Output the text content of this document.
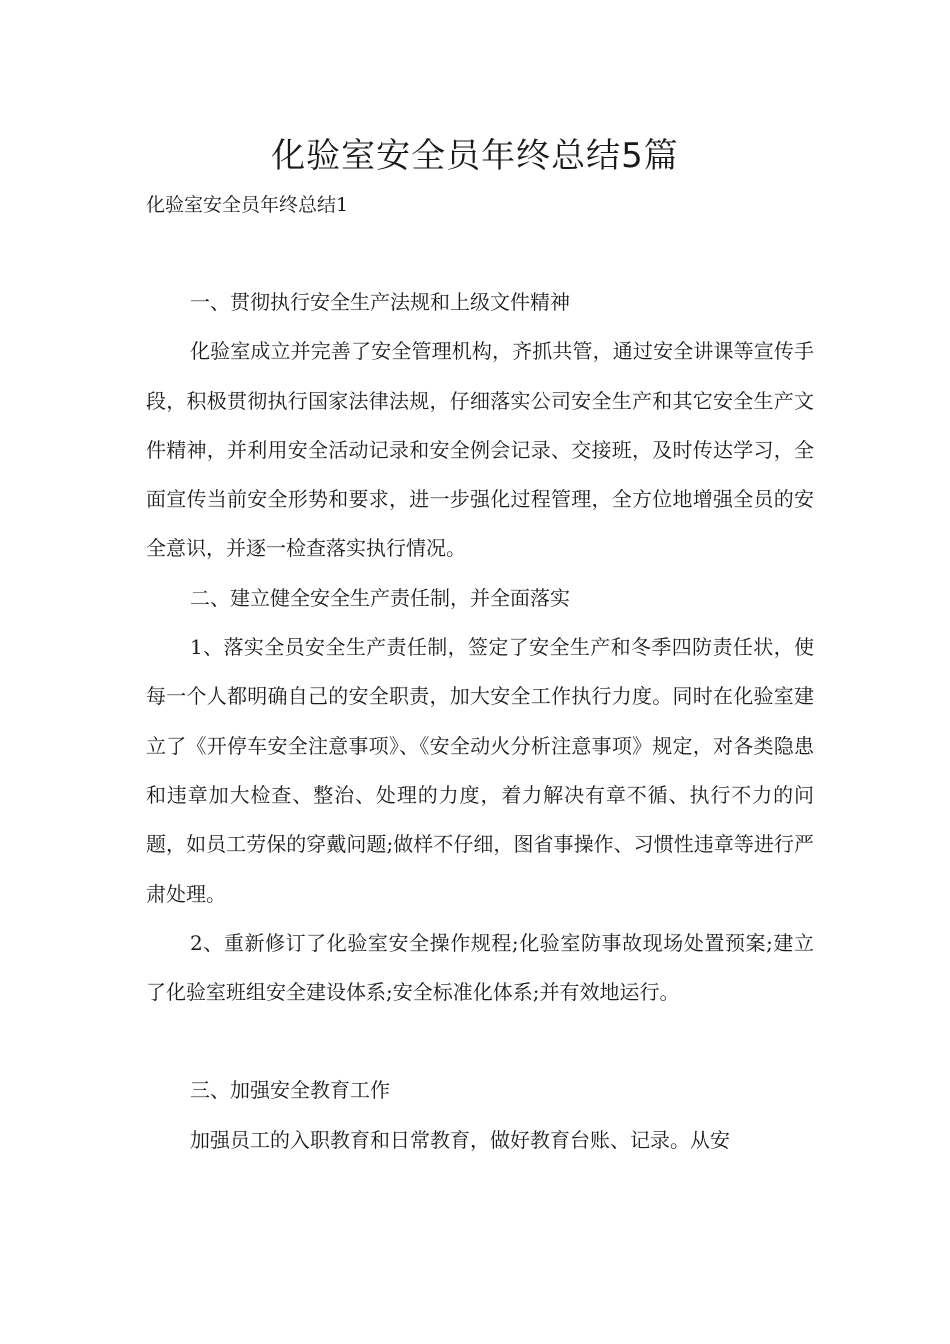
化验室安全员年终总结5篇

化验室安全员年终总结1

一、贯彻执行安全生产法规和上级文件精神

化验室成立并完善了安全管理机构，齐抓共管，通过安全讲课等宣传手段，积极贯彻执行国家法律法规，仔细落实公司安全生产和其它安全生产文件精神，并利用安全活动记录和安全例会记录、交接班，及时传达学习，全面宣传当前安全形势和要求，进一步强化过程管理，全方位地增强全员的安全意识，并逐一检查落实执行情况。

二、建立健全安全生产责任制，并全面落实

1、落实全员安全生产责任制，签定了安全生产和冬季四防责任状，使每一个人都明确自己的安全职责，加大安全工作执行力度。同时在化验室建立了《开停车安全注意事项》、《安全动火分析注意事项》规定，对各类隐患和违章加大检查、整治、处理的力度，着力解决有章不循、执行不力的问题，如员工劳保的穿戴问题;做样不仔细，图省事操作、习惯性违章等进行严肃处理。

2、重新修订了化验室安全操作规程;化验室防事故现场处置预案;建立了化验室班组安全建设体系;安全标准化体系;并有效地运行。

三、加强安全教育工作

加强员工的入职教育和日常教育，做好教育台账、记录。从安
